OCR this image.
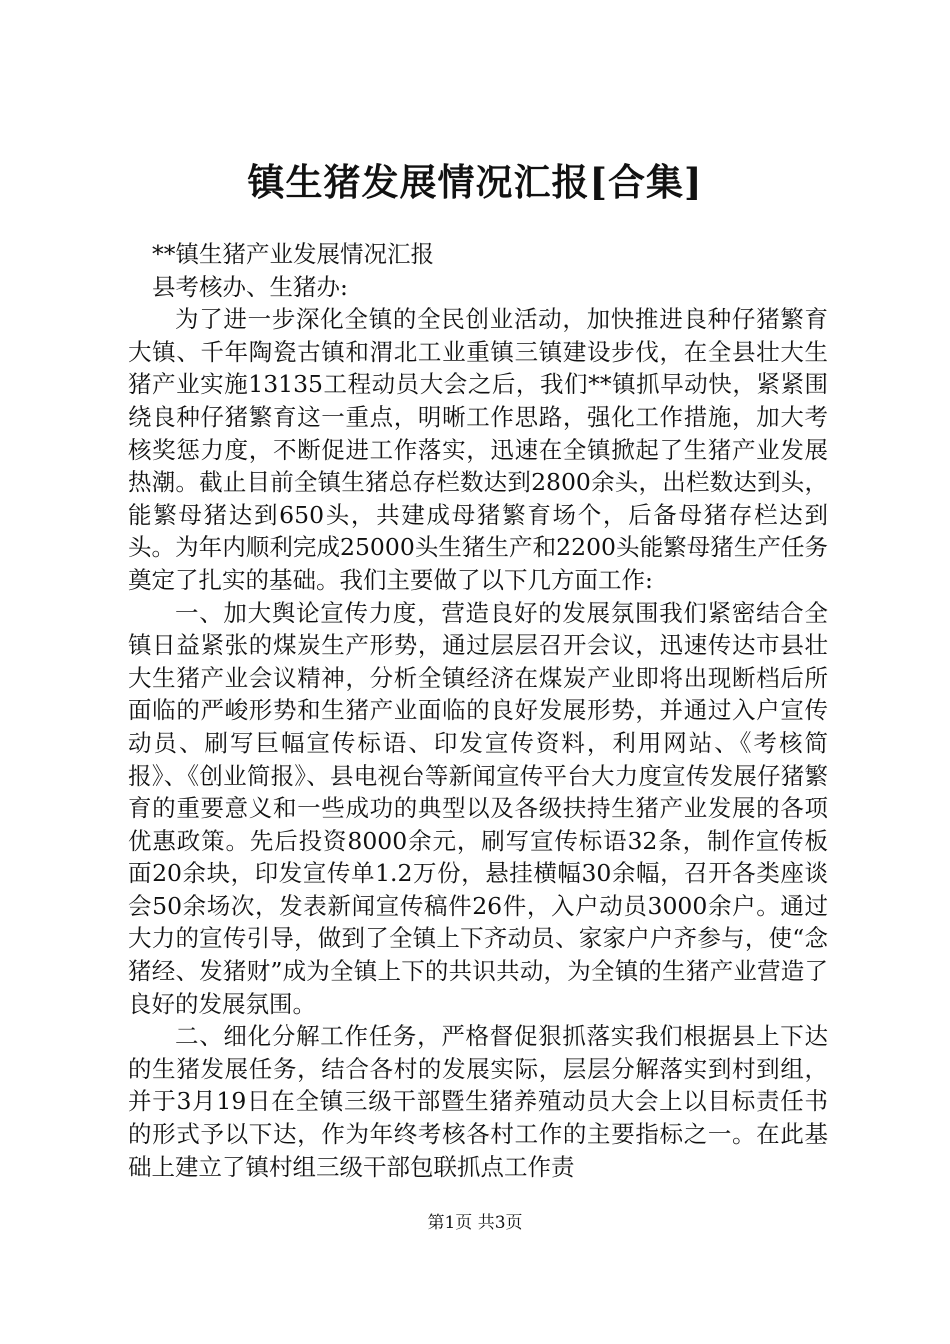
镇生猪发展情况汇报[合集]

**镇生猪产业发展情况汇报

县考核办、生猪办:

为了进一步深化全镇的全民创业活动，加快推进良种仔猪繁育大镇、千年陶瓷古镇和渭北工业重镇三镇建设步伐，在全县壮大生猪产业实施13135工程动员大会之后，我们**镇抓早动快，紧紧围绕良种仔猪繁育这一重点，明晰工作思路，强化工作措施，加大考核奖惩力度，不断促进工作落实，迅速在全镇掀起了生猪产业发展热潮。截止目前全镇生猪总存栏数达到2800余头，出栏数达到头，能繁母猪达到650头，共建成母猪繁育场个，后备母猪存栏达到头。为年内顺利完成25000头生猪生产和2200头能繁母猪生产任务奠定了扎实的基础。我们主要做了以下几方面工作:

一、加大舆论宣传力度，营造良好的发展氛围我们紧密结合全镇日益紧张的煤炭生产形势，通过层层召开会议，迅速传达市县壮大生猪产业会议精神，分析全镇经济在煤炭产业即将出现断档后所面临的严峻形势和生猪产业面临的良好发展形势，并通过入户宣传动员、刷写巨幅宣传标语、印发宣传资料，利用网站、《考核简报》、《创业简报》、县电视台等新闻宣传平台大力度宣传发展仔猪繁育的重要意义和一些成功的典型以及各级扶持生猪产业发展的各项优惠政策。先后投资8000余元，刷写宣传标语32条，制作宣传板面20余块，印发宣传单1.2万份，悬挂横幅30余幅，召开各类座谈会50余场次，发表新闻宣传稿件26件，入户动员3000余户。通过大力的宣传引导，做到了全镇上下齐动员、家家户户齐参与，使“念猪经、发猪财”成为全镇上下的共识共动，为全镇的生猪产业营造了良好的发展氛围。

二、细化分解工作任务，严格督促狠抓落实我们根据县上下达的生猪发展任务，结合各村的发展实际，层层分解落实到村到组，并于3月19日在全镇三级干部暨生猪养殖动员大会上以目标责任书的形式予以下达，作为年终考核各村工作的主要指标之一。在此基础上建立了镇村组三级干部包联抓点工作责

第1页 共3页
